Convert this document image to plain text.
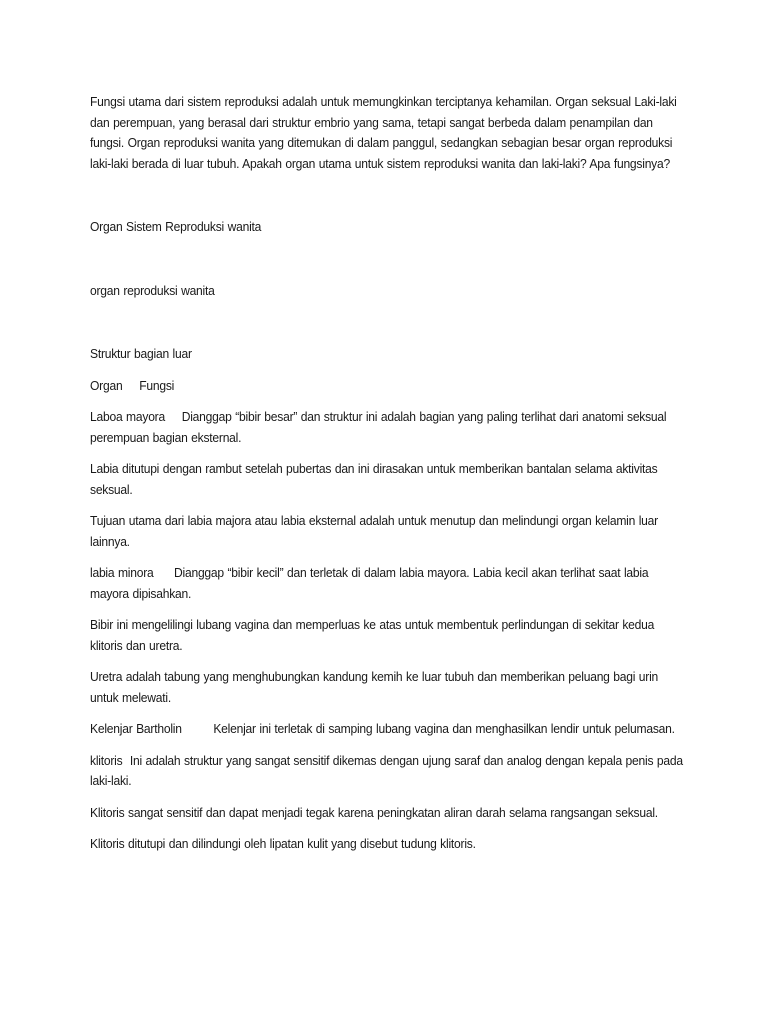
Fungsi utama dari sistem reproduksi adalah untuk memungkinkan terciptanya kehamilan. Organ seksual Laki-laki dan perempuan, yang berasal dari struktur embrio yang sama, tetapi sangat berbeda dalam penampilan dan fungsi. Organ reproduksi wanita yang ditemukan di dalam panggul, sedangkan sebagian besar organ reproduksi laki-laki berada di luar tubuh. Apakah organ utama untuk sistem reproduksi wanita dan laki-laki? Apa fungsinya?

Organ Sistem Reproduksi wanita

organ reproduksi wanita

Struktur bagian luar

Organ Fungsi

Laboa mayora Dianggap “bibir besar” dan struktur ini adalah bagian yang paling terlihat dari anatomi seksual perempuan bagian eksternal.

Labia ditutupi dengan rambut setelah pubertas dan ini dirasakan untuk memberikan bantalan selama aktivitas seksual.

Tujuan utama dari labia majora atau labia eksternal adalah untuk menutup dan melindungi organ kelamin luar lainnya.

labia minora Dianggap “bibir kecil” dan terletak di dalam labia mayora. Labia kecil akan terlihat saat labia mayora dipisahkan.

Bibir ini mengelilingi lubang vagina dan memperluas ke atas untuk membentuk perlindungan di sekitar kedua klitoris dan uretra.

Uretra adalah tabung yang menghubungkan kandung kemih ke luar tubuh dan memberikan peluang bagi urin untuk melewati.

Kelenjar Bartholin Kelenjar ini terletak di samping lubang vagina dan menghasilkan lendir untuk pelumasan.

klitoris Ini adalah struktur yang sangat sensitif dikemas dengan ujung saraf dan analog dengan kepala penis pada laki-laki.

Klitoris sangat sensitif dan dapat menjadi tegak karena peningkatan aliran darah selama rangsangan seksual.

Klitoris ditutupi dan dilindungi oleh lipatan kulit yang disebut tudung klitoris.
